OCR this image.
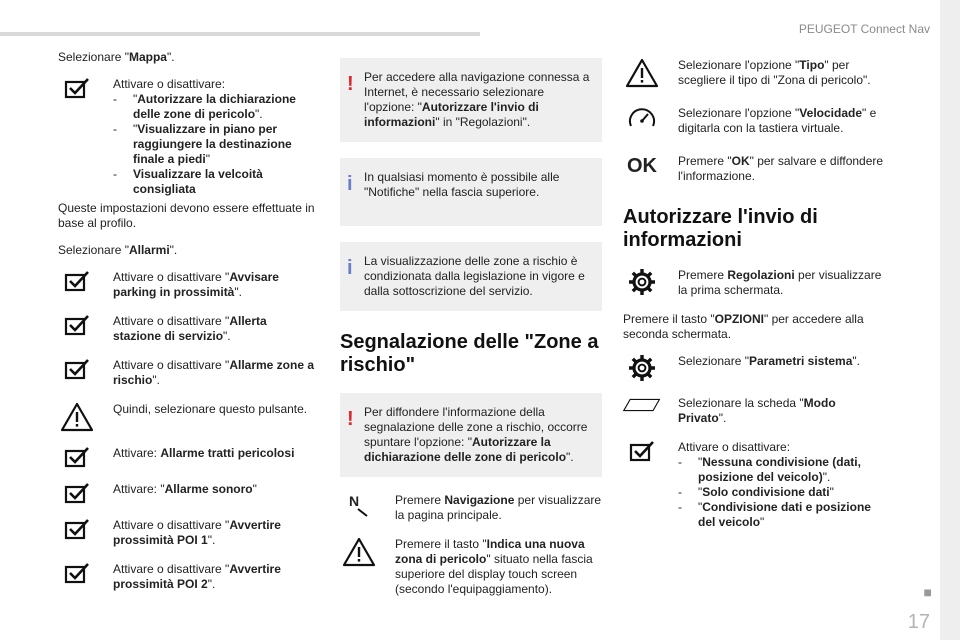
PEUGEOT Connect Nav
■
17

Selezionare "Mappa".

Attivare o disattivare:

-	"Autorizzare la dichiarazione delle zone di pericolo".
-	"Visualizzare in piano per raggiungere la destinazione finale a piedi"
-	Visualizzare la velcoità consigliata

Queste impostazioni devono essere effettuate in base al profilo.

Selezionare "Allarmi".

Attivare o disattivare "Avvisare parking in prossimità".

Attivare o disattivare "Allerta stazione di servizio".

Attivare o disattivare "Allarme zone a rischio".

Quindi, selezionare questo pulsante.

Attivare: Allarme tratti pericolosi

Attivare: "Allarme sonoro"

Attivare o disattivare "Avvertire prossimità POI 1".

Attivare o disattivare "Avvertire prossimità POI 2".

! Per accedere alla navigazione connessa a Internet, è necessario selezionare l'opzione: "Autorizzare l'invio di informazioni" in "Regolazioni".

i In qualsiasi momento è possibile alle "Notifiche" nella fascia superiore.

i La visualizzazione delle zone a rischio è condizionata dalla legislazione in vigore e dalla sottoscrizione del servizio.

Segnalazione delle "Zone a rischio"
! Per diffondere l'informazione della segnalazione delle zone a rischio, occorre spuntare l'opzione: "Autorizzare la dichiarazione delle zone di pericolo".

N	Premere Navigazione per visualizzare la pagina principale.

Premere il tasto "Indica una nuova zona di pericolo" situato nella fascia superiore del display touch screen (secondo l'equipaggiamento).

Selezionare l'opzione "Tipo" per scegliere il tipo di "Zona di pericolo".

Selezionare l'opzione "Velocidade" e digitarla con la tastiera virtuale.

OK Premere "OK" per salvare e diffondere l'informazione.

Autorizzare l'invio di informazioni

Premere Regolazioni per visualizzare la prima schermata.

Premere il tasto "OPZIONI" per accedere alla seconda schermata.

Selezionare "Parametri sistema".

Selezionare la scheda "Modo Privato".

Attivare o disattivare:

-	"Nessuna condivisione (dati, posizione del veicolo)".
-	"Solo condivisione dati"
-	"Condivisione dati e posizione del veicolo"
